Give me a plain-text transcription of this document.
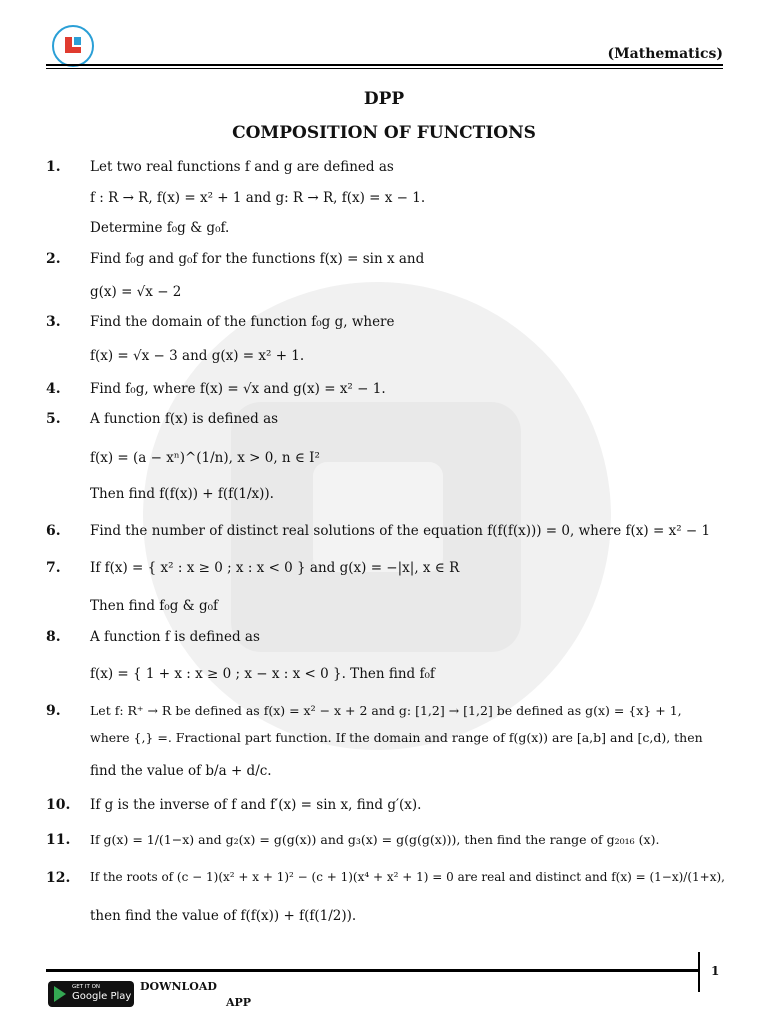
(Mathematics)
DPP
COMPOSITION OF FUNCTIONS
1. Let two real functions f and g are defined as
f : R → R, f(x) = x² + 1 and g: R → R, f(x) = x − 1.
Determine f₀g & g₀f.
2. Find f₀g and g₀f for the functions f(x) = sin x and
g(x) = √x − 2
3. Find the domain of the function f₀g g, where
f(x) = √x − 3 and g(x) = x² + 1.
4. Find f₀g, where f(x) = √x and g(x) = x² − 1.
5. A function f(x) is defined as
f(x) = (a − xⁿ)^(1/n), x > 0, n ∈ I²
Then find f(f(x)) + f(f(1/x)).
6. Find the number of distinct real solutions of the equation f(f(f(x))) = 0, where f(x) = x² − 1
7. If f(x) = { x² : x ≥ 0 ; x : x < 0 } and g(x) = −|x|, x ∈ R
Then find f₀g & g₀f
8. A function f is defined as
f(x) = { 1 + x : x ≥ 0 ; x − x : x < 0 }. Then find f₀f
9. Let f: R⁺ → R be defined as f(x) = x² − x + 2 and g: [1,2] → [1,2] be defined as g(x) = {x} + 1,
where {,} =. Fractional part function. If the domain and range of f(g(x)) are [a,b] and [c,d), then
find the value of b/a + d/c.
10. If g is the inverse of f and f′(x) = sin x, find g′(x).
11. If g(x) = 1/(1−x) and g₂(x) = g(g(x)) and g₃(x) = g(g(g(x))), then find the range of g₂₀₁₆ (x).
12. If the roots of (c − 1)(x² + x + 1)² − (c + 1)(x⁴ + x² + 1) = 0 are real and distinct and f(x) = (1−x)/(1+x),
then find the value of f(f(x)) + f(f(1/2)).
1
GET IT ON
Google Play
DOWNLOAD
APP
